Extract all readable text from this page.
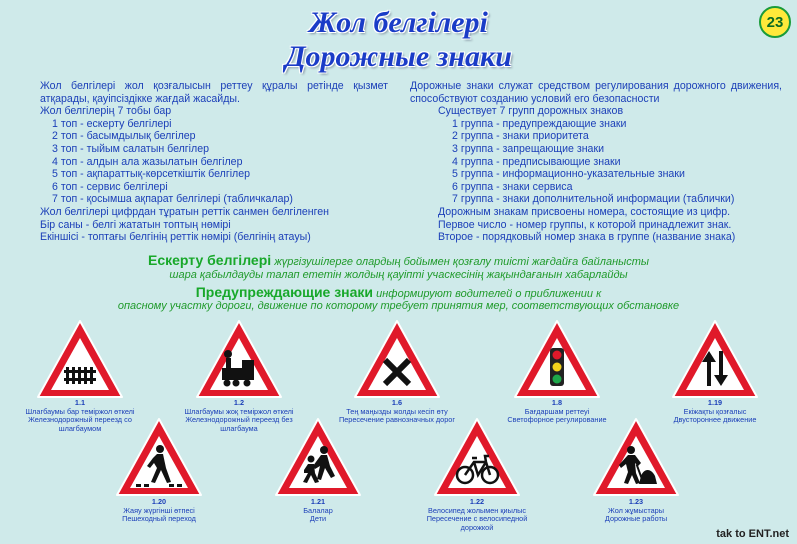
23
Жол белгілері
Дорожные знаки

Жол белгілері жол қозғалысын реттеу құралы ретінде қызмет атқарады, қауіпсіздікке жағдай жасайды.

Жол белгілерің 7 тобы бар

1 топ - ескерту белгілері

2 топ - басымдылық белгілер

3 топ - тыйым салатын белгілер

4 топ - алдын ала жазылатын белгілер

5 топ - ақпараттық-көрсеткіштік белгілер

6 топ - сервис белгілері

7 топ - қосымша ақпарат белгілері (табличкалар)

Жол белгілері цифрдан тұратын реттік санмен белгіленген

Бір саны - белгі жататын топтың нөмірі

Екіншісі - топтағы белгінің реттік нөмірі (белгінің атауы)

Дорожные знаки служат средством регулирования дорожного движения, способствуют созданию условий его безопасности

Существует 7 групп дорожных знаков

1 группа - предупреждающие знаки

2 группа - знаки приоритета

3 группа - запрещающие знаки

4 группа - предписывающие знаки

5 группа - информационно-указательные знаки

6 группа - знаки сервиса

7 группа - знаки дополнительной информации (таблички)

Дорожным знакам присвоены номера, состоящие из цифр.

Первое число - номер группы, к которой принадлежит знак.

Второе - порядковый номер знака в группе (название знака)

Ескерту белгілері жүргізушілерге олардың бойымен қозғалу тиісті жағдайға байланысты
шара қабылдауды талап ететін жолдың қауіпті учаскесінің жақындағанын хабарлайды
Предупреждающие знаки информируют водителей о приближении к
опасному участку дороги, движение по которому требует принятия мер, соответствующих обстановке
1.1
Шлагбаумы бар теміржол өткелі
Железнодорожный переезд со шлагбаумом
1.2
Шлагбаумы жоқ теміржол өткелі
Железнодорожный переезд без шлагбаума
1.6
Тең маңызды жолды кесіп өту
Пересечение равнозначных дорог
1.8
Бағдаршам реттеуі
Светофорное регулирование
1.19
Екіжақты қозғалыс
Двустороннее движение
1.20
Жаяу жүргіншi өтпесі
Пешеходный переход
1.21
Балалар
Дети
1.22
Велосипед жолымен қиылыс
Пересечение с велосипедной дорожкой
1.23
Жол жұмыстары
Дорожные работы
tak to ENT.net
